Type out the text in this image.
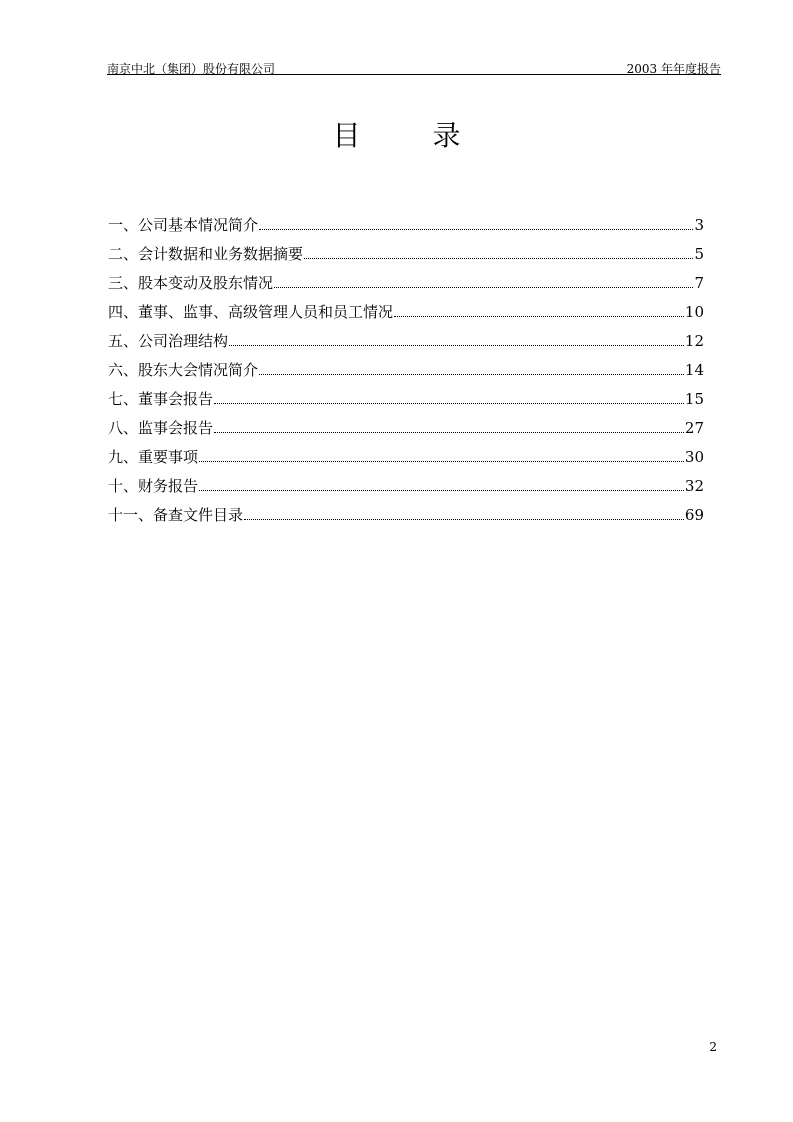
南京中北（集团）股份有限公司	2003 年年度报告
目	录
一、公司基本情况简介	3
二、会计数据和业务数据摘要	5
三、股本变动及股东情况	7
四、董事、监事、高级管理人员和员工情况	10
五、公司治理结构	12
六、股东大会情况简介	14
七、董事会报告	15
八、监事会报告	27
九、重要事项	30
十、财务报告	32
十一、备查文件目录	69
2
